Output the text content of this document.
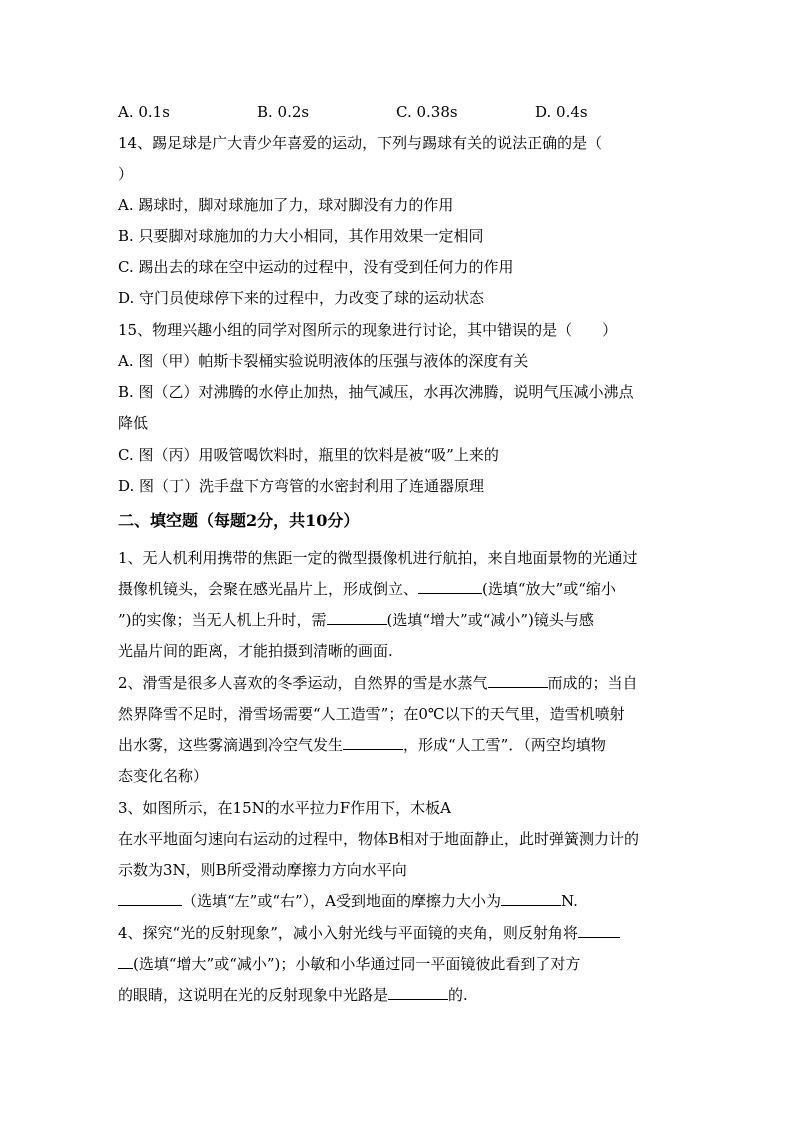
A. 0.1s	B. 0.2s	C. 0.38s	D. 0.4s
14、踢足球是广大青少年喜爱的运动，下列与踢球有关的说法正确的是（
）
A. 踢球时，脚对球施加了力，球对脚没有力的作用
B. 只要脚对球施加的力大小相同，其作用效果一定相同
C. 踢出去的球在空中运动的过程中，没有受到任何力的作用
D. 守门员使球停下来的过程中，力改变了球的运动状态
15、物理兴趣小组的同学对图所示的现象进行讨论，其中错误的是（　　）
A. 图（甲）帕斯卡裂桶实验说明液体的压强与液体的深度有关
B. 图（乙）对沸腾的水停止加热，抽气减压，水再次沸腾，说明气压减小沸点
降低
C. 图（丙）用吸管喝饮料时，瓶里的饮料是被“吸”上来的
D. 图（丁）洗手盘下方弯管的水密封利用了连通器原理
二、填空题（每题2分，共10分）
1、无人机利用携带的焦距一定的微型摄像机进行航拍，来自地面景物的光通过
摄像机镜头，会聚在感光晶片上，形成倒立、	(选填“放大”或“缩小
”)的实像；当无人机上升时，需	(选填“增大”或“减小”)镜头与感
光晶片间的距离，才能拍摄到清晰的画面.
2、滑雪是很多人喜欢的冬季运动，自然界的雪是水蒸气	而成的；当自
然界降雪不足时，滑雪场需要“人工造雪”；在0℃以下的天气里，造雪机喷射
出水雾，这些雾滴遇到冷空气发生	，形成“人工雪”．（两空均填物
态变化名称）
3、如图所示，在15N的水平拉力F作用下，木板A
在水平地面匀速向右运动的过程中，物体B相对于地面静止，此时弹簧测力计的
示数为3N，则B所受滑动摩擦力方向水平向
（选填“左”或“右”），A受到地面的摩擦力大小为	N.
4、探究“光的反射现象”，减小入射光线与平面镜的夹角，则反射角将
(选填“增大”或“减小”)；小敏和小华通过同一平面镜彼此看到了对方
的眼睛，这说明在光的反射现象中光路是	的.
